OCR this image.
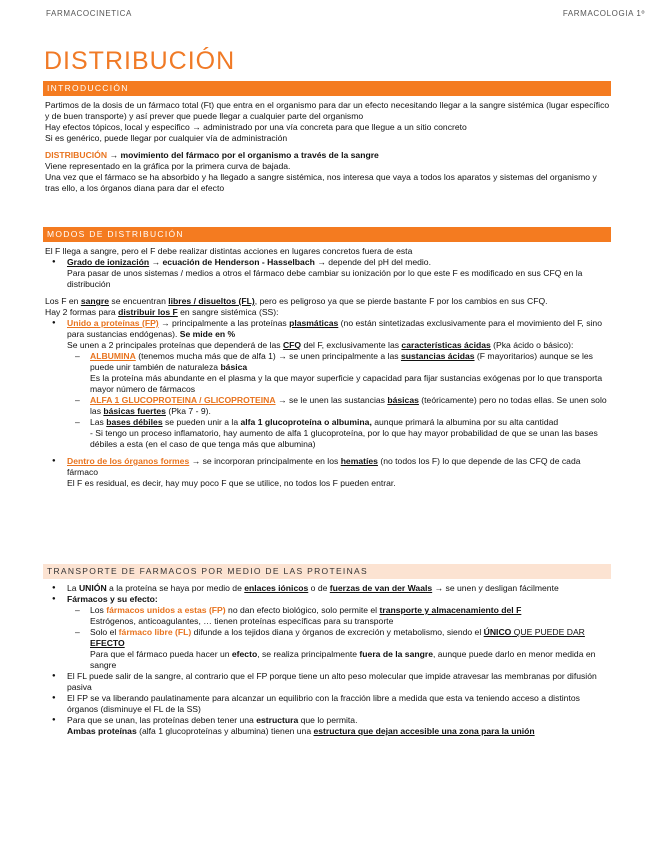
FARMACOCINETICA	FARMACOLOGIA 1º
DISTRIBUCIÓN
INTRODUCCIÓN

Partimos de la dosis de un fármaco total (Ft) que entra en el organismo para dar un efecto necesitando llegar a la sangre sistémica (lugar específico y de buen transporte) y así prever que puede llegar a cualquier parte del organismo

Hay efectos tópicos, local y especifico → administrado por una vía concreta para que llegue a un sitio concreto

Si es genérico, puede llegar por cualquier vía de administración

DISTRIBUCIÓN → movimiento del fármaco por el organismo a través de la sangre

Viene representado en la gráfica por la primera curva de bajada.

Una vez que el fármaco se ha absorbido y ha llegado a sangre sistémica, nos interesa que vaya a todos los aparatos y sistemas del organismo y tras ello, a los órganos diana para dar el efecto

MODOS DE DISTRIBUCIÓN

El F llega a sangre, pero el F debe realizar distintas acciones en lugares concretos fuera de esta

● Grado de ionización → ecuación de Henderson - Hasselbach → depende del pH del medio.

Para pasar de unos sistemas / medios a otros el fármaco debe cambiar su ionización por lo que este F es modificado en sus CFQ en la distribución

Los F en sangre se encuentran libres / disueltos (FL), pero es peligroso ya que se pierde bastante F por los cambios en sus CFQ.

Hay 2 formas para distribuir los F en sangre sistémica (SS):

● Unido a proteínas (FP) → principalmente a las proteínas plasmáticas (no están sintetizadas exclusivamente para el movimiento del F, sino para sustancias endógenas). Se mide en %

Se unen a 2 principales proteínas que dependerá de las CFQ del F, exclusivamente las características ácidas (Pka ácido o básico):

– ALBUMINA (tenemos mucha más que de alfa 1) → se unen principalmente a las sustancias ácidas (F mayoritarios) aunque se les puede unir también de naturaleza básica

Es la proteína más abundante en el plasma y la que mayor superficie y capacidad para fijar sustancias exógenas por lo que transporta mayor número de fármacos

– ALFA 1 GLUCOPROTEINA / GLICOPROTEINA → se le unen las sustancias básicas (teóricamente) pero no todas ellas. Se unen solo las básicas fuertes (Pka 7 - 9).

– Las bases débiles se pueden unir a la alfa 1 glucoproteína o albumina, aunque primará la albumina por su alta cantidad

- Si tengo un proceso inflamatorio, hay aumento de alfa 1 glucoproteína, por lo que hay mayor probabilidad de que se unan las bases débiles a esta (en el caso de que tenga más que albumina)

● Dentro de los órganos formes → se incorporan principalmente en los hematíes (no todos los F) lo que depende de las CFQ de cada fármaco

El F es residual, es decir, hay muy poco F que se utilice, no todos los F pueden entrar.

TRANSPORTE DE FARMACOS POR MEDIO DE LAS PROTEINAS

● La UNIÓN a la proteína se haya por medio de enlaces iónicos o de fuerzas de van der Waals → se unen y desligan fácilmente

● Fármacos y su efecto:

– Los fármacos unidos a estas (FP) no dan efecto biológico, solo permite el transporte y almacenamiento del F

Estrógenos, anticoagulantes, … tienen proteínas específicas para su transporte

– Solo el fármaco libre (FL) difunde a los tejidos diana y órganos de excreción y metabolismo, siendo el ÚNICO QUE PUEDE DAR EFECTO

Para que el fármaco pueda hacer un efecto, se realiza principalmente fuera de la sangre, aunque puede darlo en menor medida en sangre

● El FL puede salir de la sangre, al contrario que el FP porque tiene un alto peso molecular que impide atravesar las membranas por difusión pasiva

● El FP se va liberando paulatinamente para alcanzar un equilibrio con la fracción libre a medida que esta va teniendo acceso a distintos órganos (disminuye el FL de la SS)

● Para que se unan, las proteínas deben tener una estructura que lo permita.

Ambas proteínas (alfa 1 glucoproteínas y albumina) tienen una estructura que dejan accesible una zona para la unión
